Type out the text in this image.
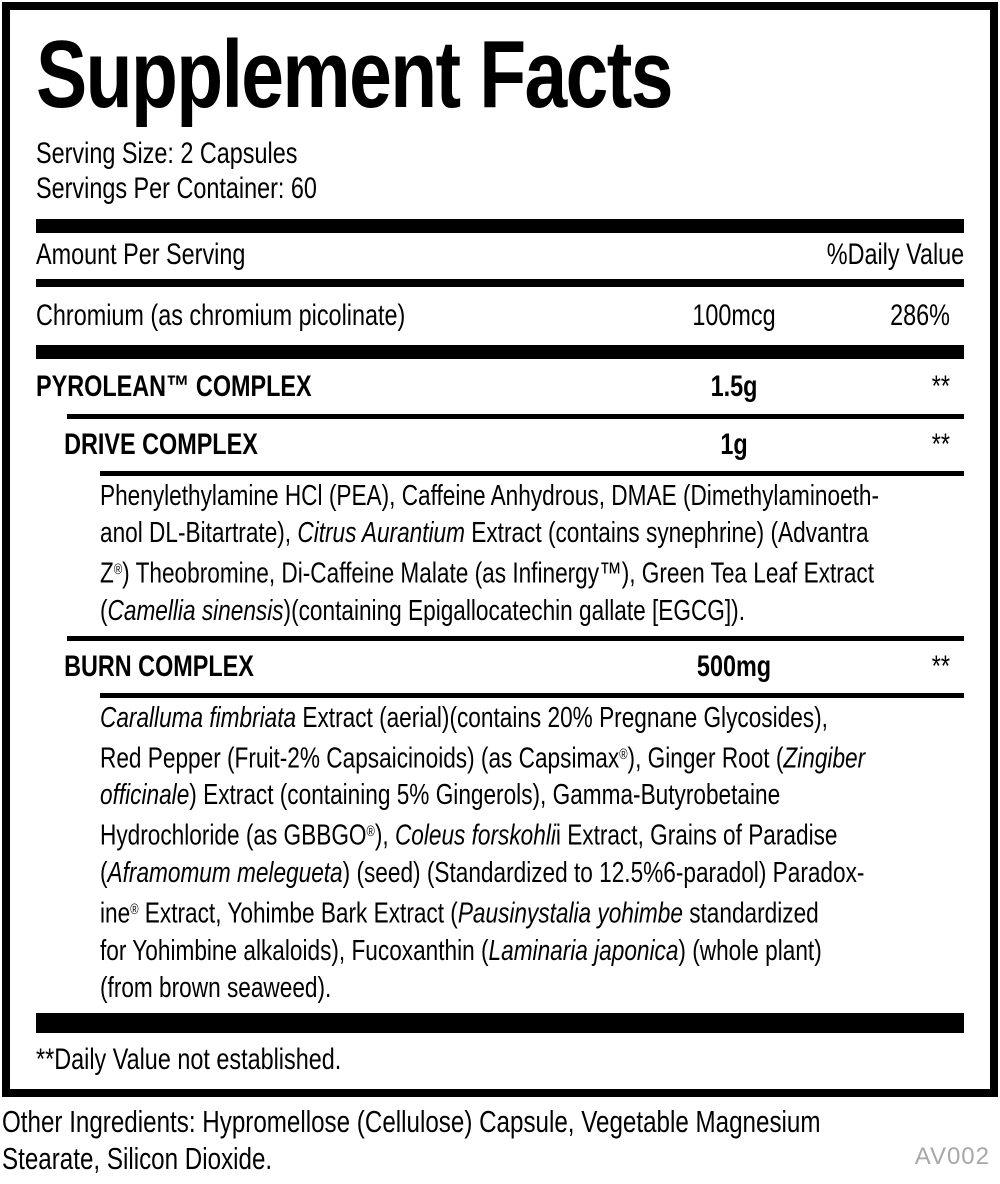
Supplement Facts
Serving Size: 2 Capsules
Servings Per Container: 60
Amount Per Serving	%Daily Value
Chromium (as chromium picolinate)	100mcg	286%
PYROLEAN™ COMPLEX	1.5g	**
DRIVE COMPLEX	1g	**
Phenylethylamine HCl (PEA), Caffeine Anhydrous, DMAE (Dimethylaminoeth-
anol DL-Bitartrate), Citrus Aurantium Extract (contains synephrine) (Advantra
Z®) Theobromine, Di-Caffeine Malate (as Infinergy™), Green Tea Leaf Extract
(Camellia sinensis)(containing Epigallocatechin gallate [EGCG]).
BURN COMPLEX	500mg	**
Caralluma fimbriata Extract (aerial)(contains 20% Pregnane Glycosides),
Red Pepper (Fruit-2% Capsaicinoids) (as Capsimax®), Ginger Root (Zingiber
officinale) Extract (containing 5% Gingerols), Gamma-Butyrobetaine
Hydrochloride (as GBBGO®), Coleus forskohlii Extract, Grains of Paradise
(Aframomum melegueta) (seed) (Standardized to 12.5%6-paradol) Paradox-
ine® Extract, Yohimbe Bark Extract (Pausinystalia yohimbe standardized
for Yohimbine alkaloids), Fucoxanthin (Laminaria japonica) (whole plant)
(from brown seaweed).
**Daily Value not established.
Other Ingredients: Hypromellose (Cellulose) Capsule, Vegetable Magnesium
Stearate, Silicon Dioxide.	AV002
